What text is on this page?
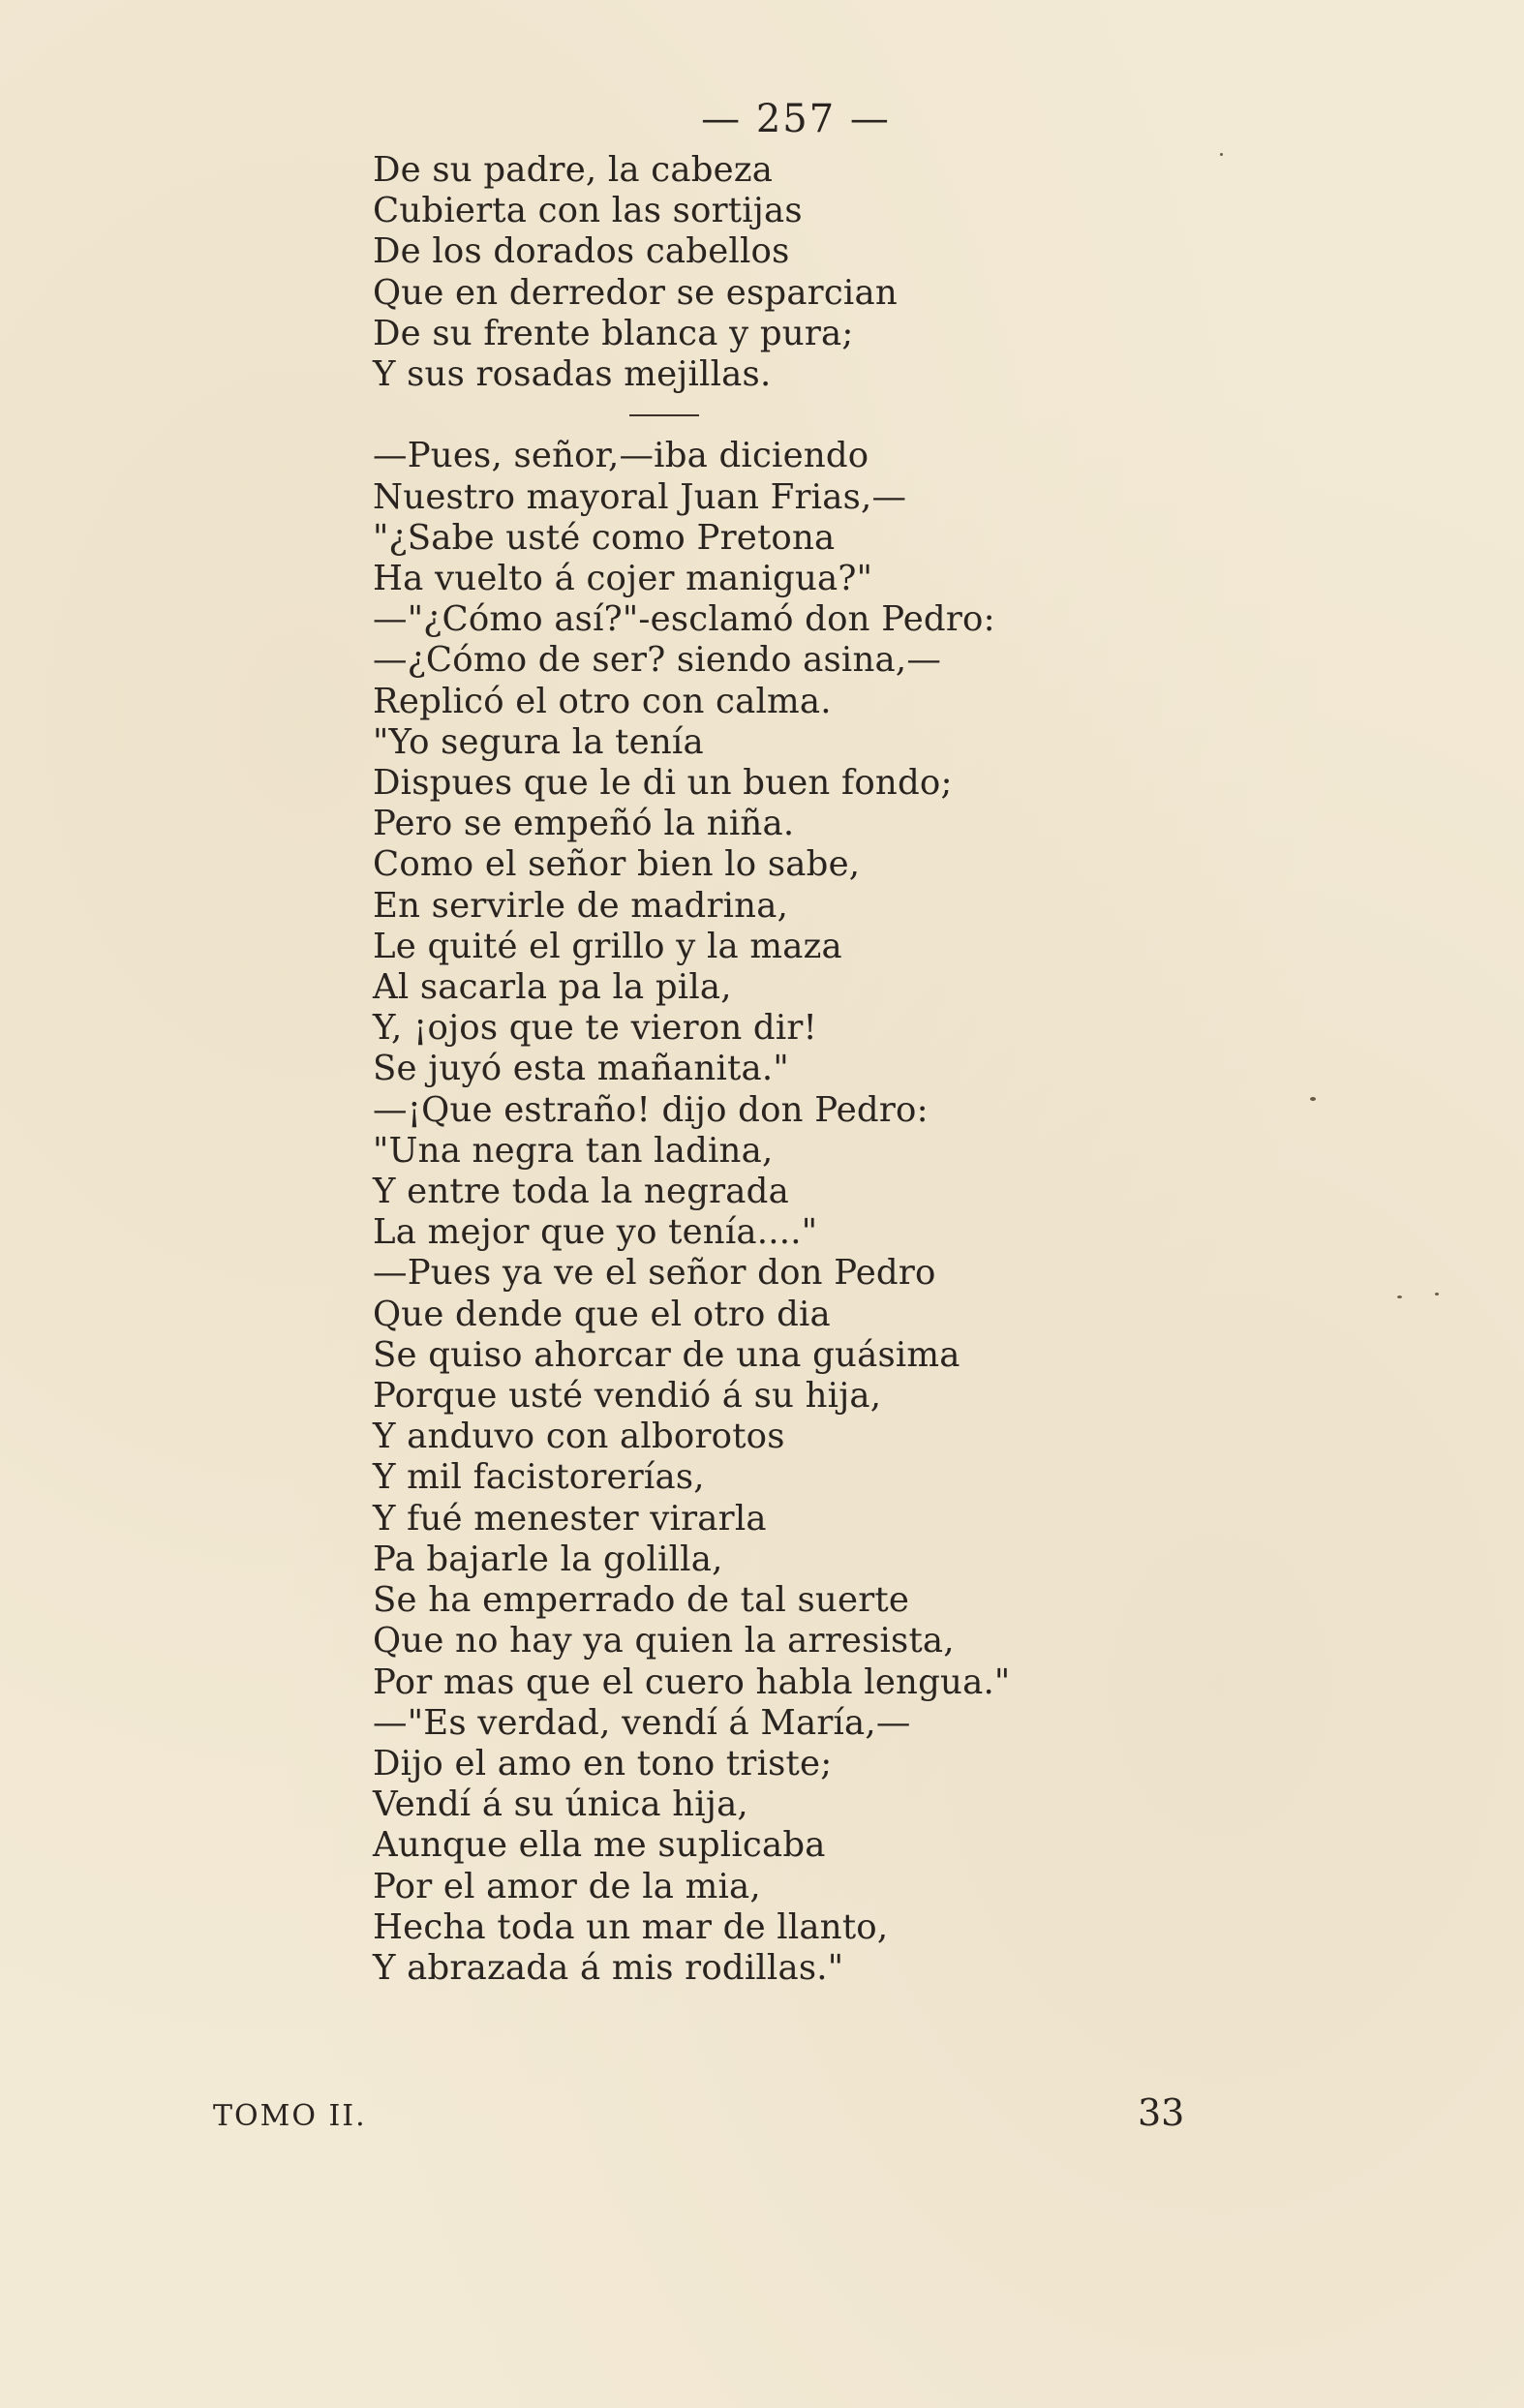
— 257 —
De su padre, la cabeza
Cubierta con las sortijas
De los dorados cabellos
Que en derredor se esparcian
De su frente blanca y pura;
Y sus rosadas mejillas.
—Pues, señor,—iba diciendo
Nuestro mayoral Juan Frias,—
"¿Sabe usté como Pretona
Ha vuelto á cojer manigua?"
—"¿Cómo así?"-esclamó don Pedro:
—¿Cómo de ser? siendo asina,—
Replicó el otro con calma.
"Yo segura la tenía
Dispues que le di un buen fondo;
Pero se empeñó la niña.
Como el señor bien lo sabe,
En servirle de madrina,
Le quité el grillo y la maza
Al sacarla pa la pila,
Y, ¡ojos que te vieron dir!
Se juyó esta mañanita."
—¡Que estraño! dijo don Pedro:
"Una negra tan ladina,
Y entre toda la negrada
La mejor que yo tenía...."
—Pues ya ve el señor don Pedro
Que dende que el otro dia
Se quiso ahorcar de una guásima
Porque usté vendió á su hija,
Y anduvo con alborotos
Y mil facistorerías,
Y fué menester virarla
Pa bajarle la golilla,
Se ha emperrado de tal suerte
Que no hay ya quien la arresista,
Por mas que el cuero habla lengua."
—"Es verdad, vendí á María,—
Dijo el amo en tono triste;
Vendí á su única hija,
Aunque ella me suplicaba
Por el amor de la mia,
Hecha toda un mar de llanto,
Y abrazada á mis rodillas."
TOMO II.	33
